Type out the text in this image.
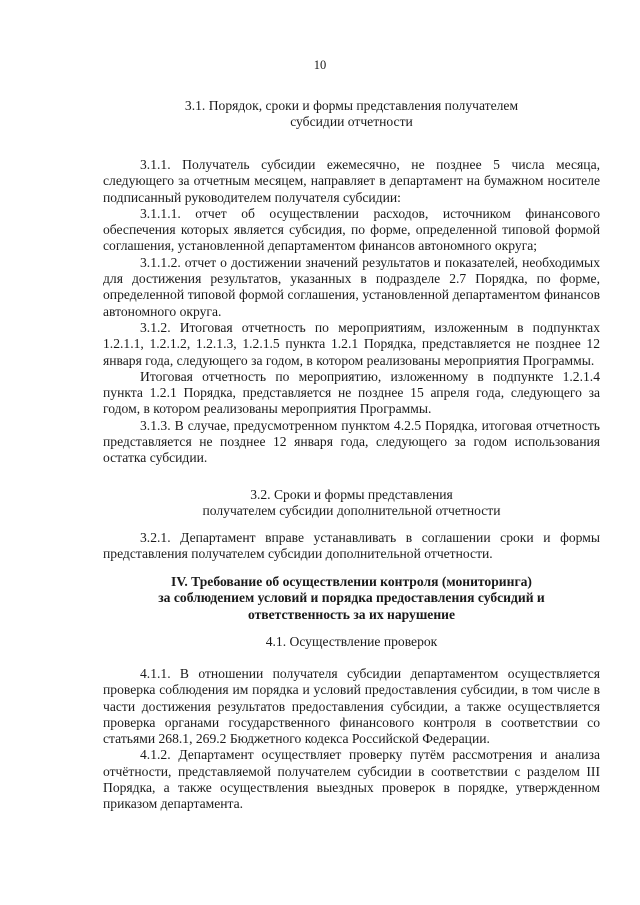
10
3.1. Порядок, сроки и формы представления получателем
субсидии отчетности

3.1.1. Получатель субсидии ежемесячно, не позднее 5 числа месяца, следующего за отчетным месяцем, направляет в департамент на бумажном носителе подписанный руководителем получателя субсидии:

3.1.1.1. отчет об осуществлении расходов, источником финансового обеспечения которых является субсидия, по форме, определенной типовой формой соглашения, установленной департаментом финансов автономного округа;

3.1.1.2. отчет о достижении значений результатов и показателей, необходимых для достижения результатов, указанных в подразделе 2.7 Порядка, по форме, определенной типовой формой соглашения, установленной департаментом финансов автономного округа.

3.1.2. Итоговая отчетность по мероприятиям, изложенным в подпунктах 1.2.1.1, 1.2.1.2, 1.2.1.3, 1.2.1.5 пункта 1.2.1 Порядка, представляется не позднее 12 января года, следующего за годом, в котором реализованы мероприятия Программы.

Итоговая отчетность по мероприятию, изложенному в подпункте 1.2.1.4 пункта 1.2.1 Порядка, представляется не позднее 15 апреля года, следующего за годом, в котором реализованы мероприятия Программы.

3.1.3. В случае, предусмотренном пунктом 4.2.5 Порядка, итоговая отчетность представляется не позднее 12 января года, следующего за годом использования остатка субсидии.

3.2. Сроки и формы представления
получателем субсидии дополнительной отчетности

3.2.1. Департамент вправе устанавливать в соглашении сроки и формы представления получателем субсидии дополнительной отчетности.

IV. Требование об осуществлении контроля (мониторинга)
за соблюдением условий и порядка предоставления субсидий и
ответственность за их нарушение
4.1. Осуществление проверок

4.1.1. В отношении получателя субсидии департаментом осуществляется проверка соблюдения им порядка и условий предоставления субсидии, в том числе в части достижения результатов предоставления субсидии, а также осуществляется проверка органами государственного финансового контроля в соответствии со статьями 268.1, 269.2 Бюджетного кодекса Российской Федерации.

4.1.2. Департамент осуществляет проверку путём рассмотрения и анализа отчётности, представляемой получателем субсидии в соответствии с разделом III Порядка, а также осуществления выездных проверок в порядке, утвержденном приказом департамента.
